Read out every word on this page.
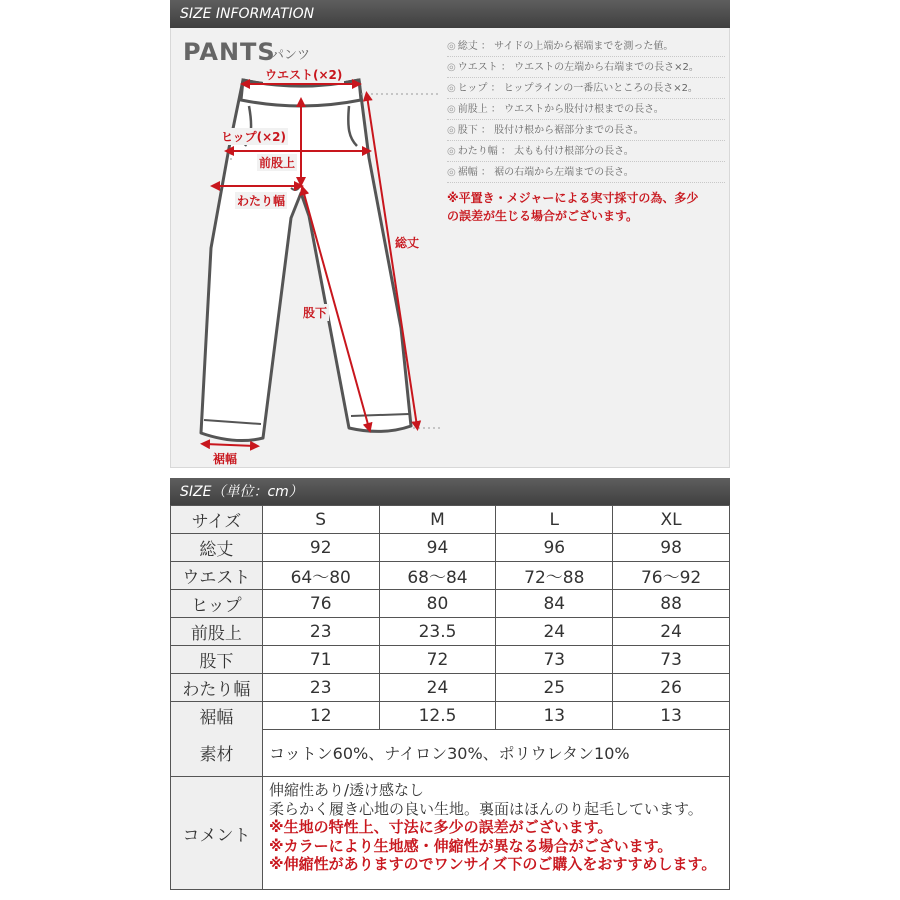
SIZE INFORMATION
PANTS
パンツ
ウエスト(×2)
ヒップ(×2)
前股上
わたり幅
総丈
股下
裾幅
◎ 総丈 ： サイドの上端から裾端までを測った値。
◎ ウエスト ： ウエストの左端から右端までの長さ×2。
◎ ヒップ ： ヒップラインの一番広いところの長さ×2。
◎ 前股上 ： ウエストから股付け根までの長さ。
◎ 股下 ： 股付け根から裾部分までの長さ。
◎ わたり幅 ： 太もも付け根部分の長さ。
◎ 裾幅 ： 裾の右端から左端までの長さ。
※平置き・メジャーによる実寸採寸の為、多少
の誤差が生じる場合がございます。
SIZE（単位：cm）
サイズ	S	M	L	XL
総丈	92	94	96	98
ウエスト	64〜80	68〜84	72〜88	76〜92
ヒップ	76	80	84	88
前股上	23	23.5	24	24
股下	71	72	73	73
わたり幅	23	24	25	26
裾幅	12	12.5	13	13
素材	コットン60%、ナイロン30%、ポリウレタン10%
コメント

伸縮性あり/透け感なし

柔らかく履き心地の良い生地。裏面はほんのり起毛しています。

※生地の特性上、寸法に多少の誤差がございます。

※カラーにより生地感・伸縮性が異なる場合がございます。

※伸縮性がありますのでワンサイズ下のご購入をおすすめします。
